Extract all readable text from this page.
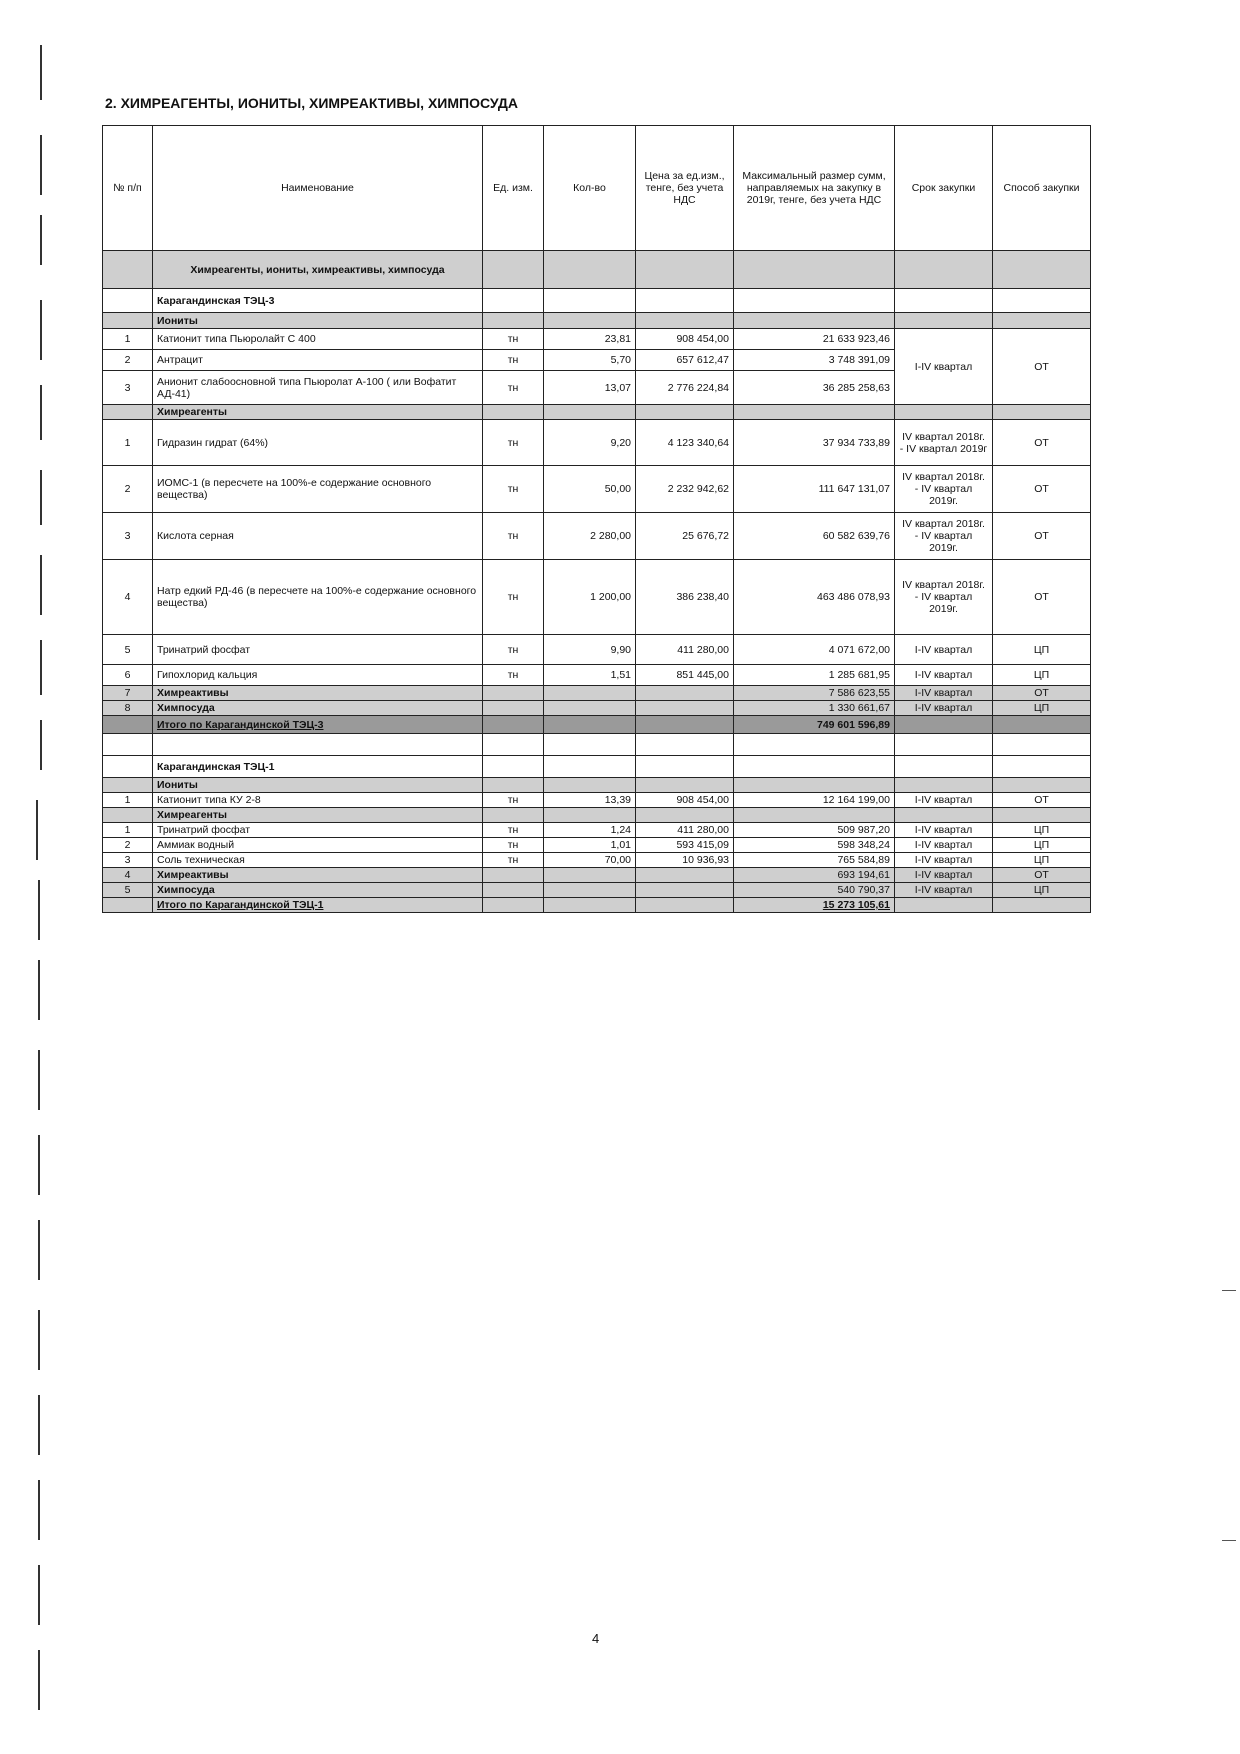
2. ХИМРЕАГЕНТЫ, ИОНИТЫ, ХИМРЕАКТИВЫ, ХИМПОСУДА
№ п/п	Наименование	Ед. изм.	Кол-во	Цена за ед.изм., тенге, без учета НДС	Максимальный размер сумм, направляемых на закупку в 2019г, тенге, без учета НДС	Срок закупки	Способ закупки
	Химреагенты, иониты, химреактивы, химпосуда						
	Карагандинская ТЭЦ-3						
	Иониты						
1	Катионит типа Пьюролайт С 400	тн	23,81	908 454,00	21 633 923,46	I-IV квартал	ОТ
2	Антрацит	тн	5,70	657 612,47	3 748 391,09		
3	Анионит слабоосновной типа Пьюролат А-100 ( или Вофатит АД-41)	тн	13,07	2 776 224,84	36 285 258,63		
	Химреагенты						
1	Гидразин гидрат (64%)	тн	9,20	4 123 340,64	37 934 733,89	IV квартал 2018г. - IV квартал 2019г	ОТ
2	ИОМС-1 (в пересчете на 100%-е содержание основного вещества)	тн	50,00	2 232 942,62	111 647 131,07	IV квартал 2018г. - IV квартал 2019г.	ОТ
3	Кислота серная	тн	2 280,00	25 676,72	60 582 639,76	IV квартал 2018г. - IV квартал 2019г.	ОТ
4	Натр едкий РД-46 (в пересчете на 100%-е содержание основного вещества)	тн	1 200,00	386 238,40	463 486 078,93	IV квартал 2018г. - IV квартал 2019г.	ОТ
5	Тринатрий фосфат	тн	9,90	411 280,00	4 071 672,00	I-IV квартал	ЦП
6	Гипохлорид кальция	тн	1,51	851 445,00	1 285 681,95	I-IV квартал	ЦП
7	Химреактивы				7 586 623,55	I-IV квартал	ОТ
8	Химпосуда				1 330 661,67	I-IV квартал	ЦП
	Итого по Карагандинской ТЭЦ-3				749 601 596,89		

	Карагандинская ТЭЦ-1						
	Иониты						
1	Катионит типа КУ 2-8	тн	13,39	908 454,00	12 164 199,00	I-IV квартал	ОТ
	Химреагенты						
1	Тринатрий фосфат	тн	1,24	411 280,00	509 987,20	I-IV квартал	ЦП
2	Аммиак водный	тн	1,01	593 415,09	598 348,24	I-IV квартал	ЦП
3	Соль техническая	тн	70,00	10 936,93	765 584,89	I-IV квартал	ЦП
4	Химреактивы				693 194,61	I-IV квартал	ОТ
5	Химпосуда				540 790,37	I-IV квартал	ЦП
	Итого по Карагандинской ТЭЦ-1				15 273 105,61		
4
